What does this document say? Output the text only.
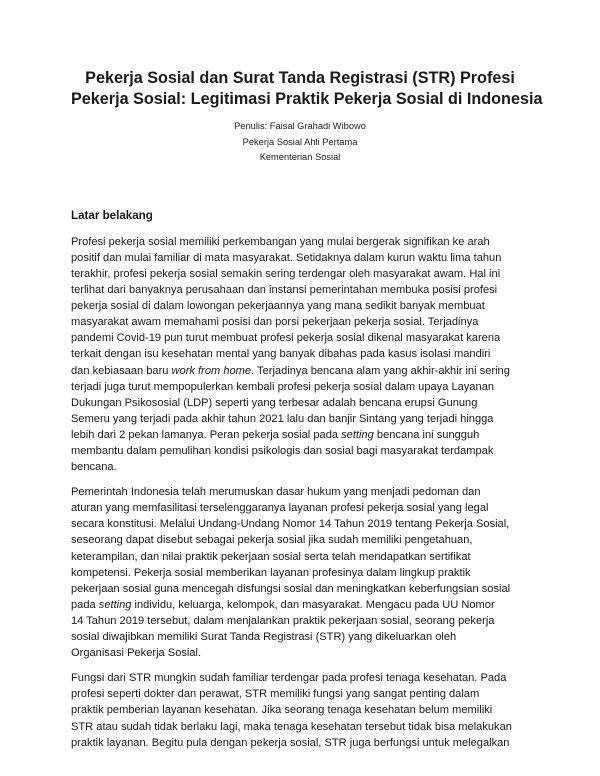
Pekerja Sosial dan Surat Tanda Registrasi (STR) Profesi
Pekerja Sosial: Legitimasi Praktik Pekerja Sosial di Indonesia
Penulis: Faisal Grahadi Wibowo
Pekerja Sosial Ahli Pertama
Kementerian Sosial
Latar belakang

Profesi pekerja sosial memiliki perkembangan yang mulai bergerak signifikan ke arah
positif dan mulai familiar di mata masyarakat. Setidaknya dalam kurun waktu lima tahun
terakhir, profesi pekerja sosial semakin sering terdengar oleh masyarakat awam. Hal ini
terlihat dari banyaknya perusahaan dan instansi pemerintahan membuka posisi profesi
pekerja sosial di dalam lowongan pekerjaannya yang mana sedikit banyak membuat
masyarakat awam memahami posisi dan porsi pekerjaan pekerja sosial. Terjadinya
pandemi Covid-19 pun turut membuat profesi pekerja sosial dikenal masyarakat karena
terkait dengan isu kesehatan mental yang banyak dibahas pada kasus isolasi mandiri
dan kebiasaan baru work from home. Terjadinya bencana alam yang akhir-akhir ini sering
terjadi juga turut mempopulerkan kembali profesi pekerja sosial dalam upaya Layanan
Dukungan Psikososial (LDP) seperti yang terbesar adalah bencana erupsi Gunung
Semeru yang terjadi pada akhir tahun 2021 lalu dan banjir Sintang yang terjadi hingga
lebih dari 2 pekan lamanya. Peran pekerja sosial pada setting bencana ini sungguh
membantu dalam pemulihan kondisi psikologis dan sosial bagi masyarakat terdampak
bencana.

Pemerintah Indonesia telah merumuskan dasar hukum yang menjadi pedoman dan
aturan yang memfasilitasi terselenggaranya layanan profesi pekerja sosial yang legal
secara konstitusi. Melalui Undang-Undang Nomor 14 Tahun 2019 tentang Pekerja Sosial,
seseorang dapat disebut sebagai pekerja sosial jika sudah memiliki pengetahuan,
keterampilan, dan nilai praktik pekerjaan sosial serta telah mendapatkan sertifikat
kompetensi. Pekerja sosial memberikan layanan profesinya dalam lingkup praktik
pekerjaan sosial guna mencegah disfungsi sosial dan meningkatkan keberfungsian sosial
pada setting individu, keluarga, kelompok, dan masyarakat. Mengacu pada UU Nomor
14 Tahun 2019 tersebut, dalam menjalankan praktik pekerjaan sosial, seorang pekerja
sosial diwajibkan memiliki Surat Tanda Registrasi (STR) yang dikeluarkan oleh
Organisasi Pekerja Sosial.

Fungsi dari STR mungkin sudah familiar terdengar pada profesi tenaga kesehatan. Pada
profesi seperti dokter dan perawat, STR memiliki fungsi yang sangat penting dalam
praktik pemberian layanan kesehatan. Jika seorang tenaga kesehatan belum memiliki
STR atau sudah tidak berlaku lagi, maka tenaga kesehatan tersebut tidak bisa melakukan
praktik layanan. Begitu pula dengan pekerja sosial, STR juga berfungsi untuk melegalkan
